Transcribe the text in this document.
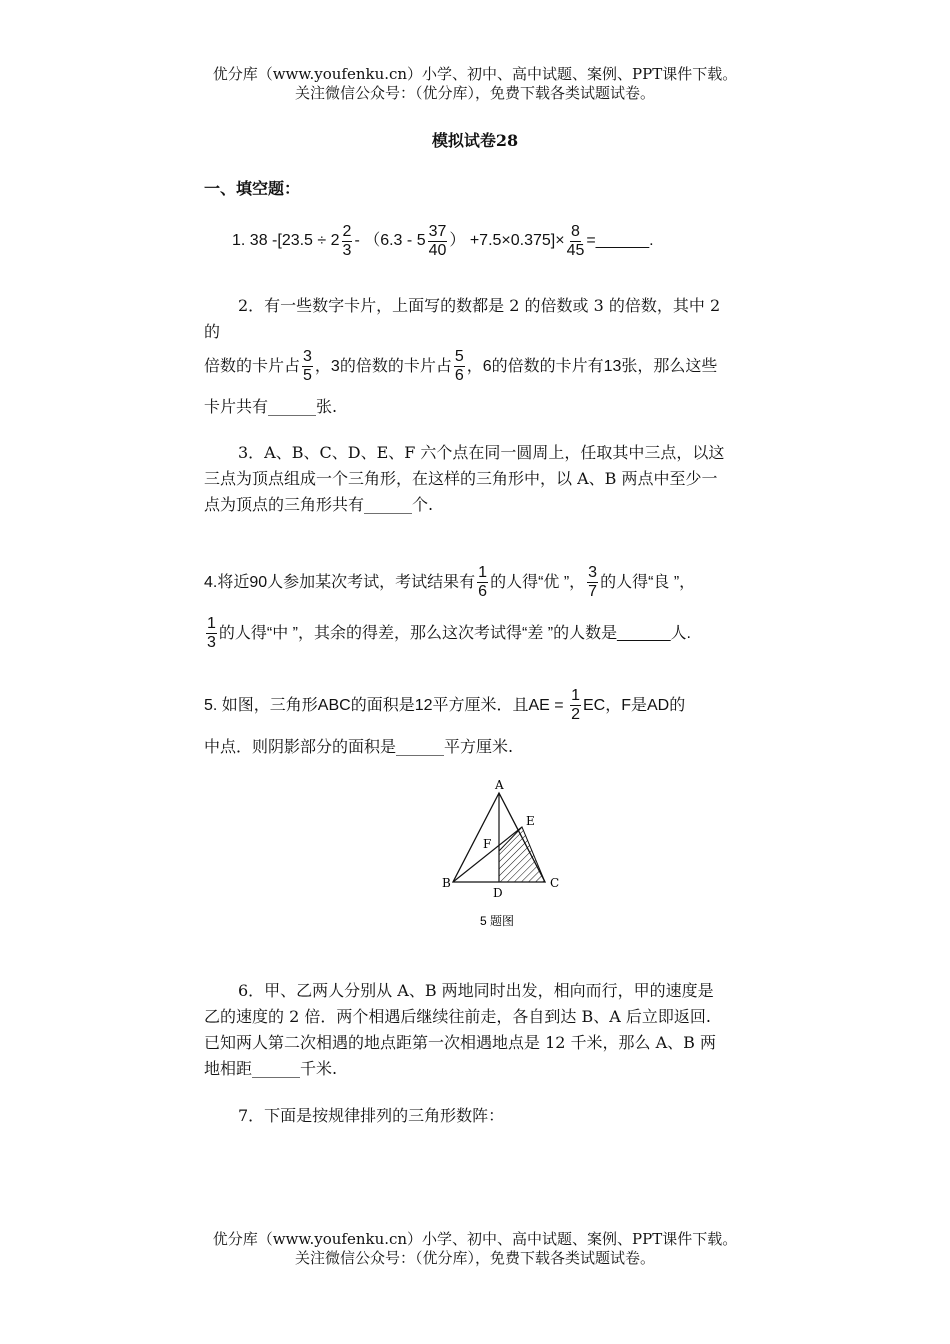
优分库（www.youfenku.cn）小学、初中、高中试题、案例、PPT课件下载。
关注微信公众号：（优分库），免费下载各类试题试卷。
模拟试卷28
一、填空题：
1. 38 $-[23.5 \div 2 \frac{2}{3} - (6.3 - 5 \frac{37}{40}$ ） $+7.5\times 0.375]\times \frac{8}{45}$ =______.
2．有一些数字卡片，上面写的数都是 2 的倍数或 3 的倍数，其中 2
的
倍数的卡片占 $\frac{3}{5}$ ，3的倍数的卡片占 $\frac{5}{6}$ ，6的倍数的卡片有13张，那么这些
卡片共有______张.
3．A、B、C、D、E、F 六个点在同一圆周上，任取其中三点，以这
三点为顶点组成一个三角形，在这样的三角形中，以 A、B 两点中至少一
点为顶点的三角形共有______个.
4.将近90人参加某次考试，考试结果有 $\frac{1}{6}$ 的人得“优 ”， $\frac{3}{7}$ 的人得“良 ”，
$\frac{1}{3}$ 的人得“中 ”，其余的得差，那么这次考试得“差 ”的人数是______人.
5. 如图，三角形ABC的面积是12平方厘米．且AE = $\frac{1}{2}$ EC，F是AD的
中点．则阴影部分的面积是______平方厘米.
A
B	C
D
E
F
5 题图
6．甲、乙两人分别从 A、B 两地同时出发，相向而行，甲的速度是
乙的速度的 2 倍．两个相遇后继续往前走，各自到达 B、A 后立即返回.
已知两人第二次相遇的地点距第一次相遇地点是 12 千米，那么 A、B 两
地相距______千米.
7．下面是按规律排列的三角形数阵：
优分库（www.youfenku.cn）小学、初中、高中试题、案例、PPT课件下载。
关注微信公众号：（优分库），免费下载各类试题试卷。
